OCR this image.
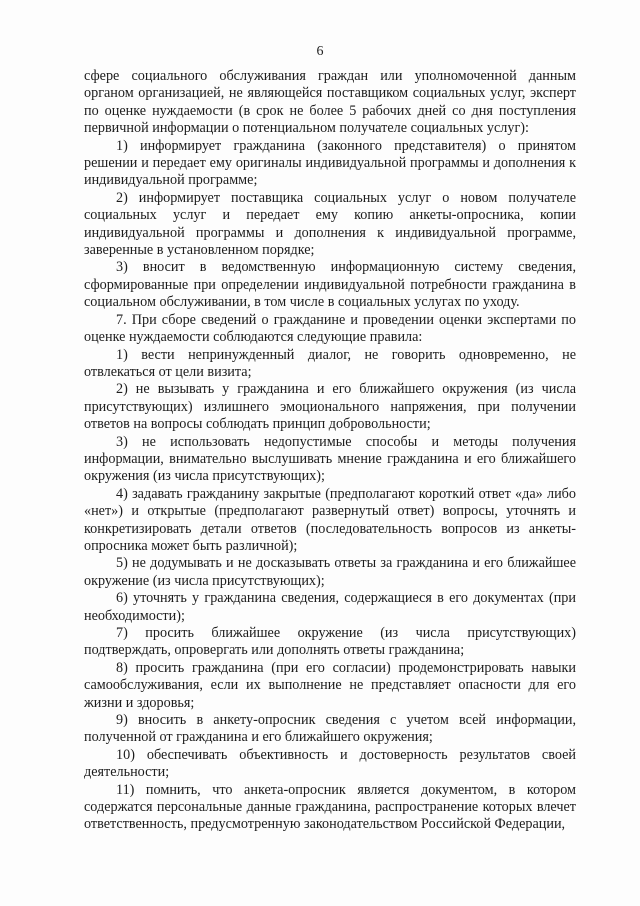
6

сфере социального обслуживания граждан или уполномоченной данным органом организацией, не являющейся поставщиком социальных услуг, эксперт по оценке нуждаемости (в срок не более 5 рабочих дней со дня поступления первичной информации о потенциальном получателе социальных услуг):

1) информирует гражданина (законного представителя) о принятом решении и передает ему оригиналы индивидуальной программы и дополнения к индивидуальной программе;

2) информирует поставщика социальных услуг о новом получателе социальных услуг и передает ему копию анкеты-опросника, копии индивидуальной программы и дополнения к индивидуальной программе, заверенные в установленном порядке;

3) вносит в ведомственную информационную систему сведения, сформированные при определении индивидуальной потребности гражданина в социальном обслуживании, в том числе в социальных услугах по уходу.

7. При сборе сведений о гражданине и проведении оценки экспертами по оценке нуждаемости соблюдаются следующие правила:

1) вести непринужденный диалог, не говорить одновременно, не отвлекаться от цели визита;

2) не вызывать у гражданина и его ближайшего окружения (из числа присутствующих) излишнего эмоционального напряжения, при получении ответов на вопросы соблюдать принцип добровольности;

3) не использовать недопустимые способы и методы получения информации, внимательно выслушивать мнение гражданина и его ближайшего окружения (из числа присутствующих);

4) задавать гражданину закрытые (предполагают короткий ответ «да» либо «нет») и открытые (предполагают развернутый ответ) вопросы, уточнять и конкретизировать детали ответов (последовательность вопросов из анкеты-опросника может быть различной);

5) не додумывать и не досказывать ответы за гражданина и его ближайшее окружение (из числа присутствующих);

6) уточнять у гражданина сведения, содержащиеся в его документах (при необходимости);

7) просить ближайшее окружение (из числа присутствующих) подтверждать, опровергать или дополнять ответы гражданина;

8) просить гражданина (при его согласии) продемонстрировать навыки самообслуживания, если их выполнение не представляет опасности для его жизни и здоровья;

9) вносить в анкету-опросник сведения с учетом всей информации, полученной от гражданина и его ближайшего окружения;

10) обеспечивать объективность и достоверность результатов своей деятельности;

11) помнить, что анкета-опросник является документом, в котором содержатся персональные данные гражданина, распространение которых влечет ответственность, предусмотренную законодательством Российской Федерации,
